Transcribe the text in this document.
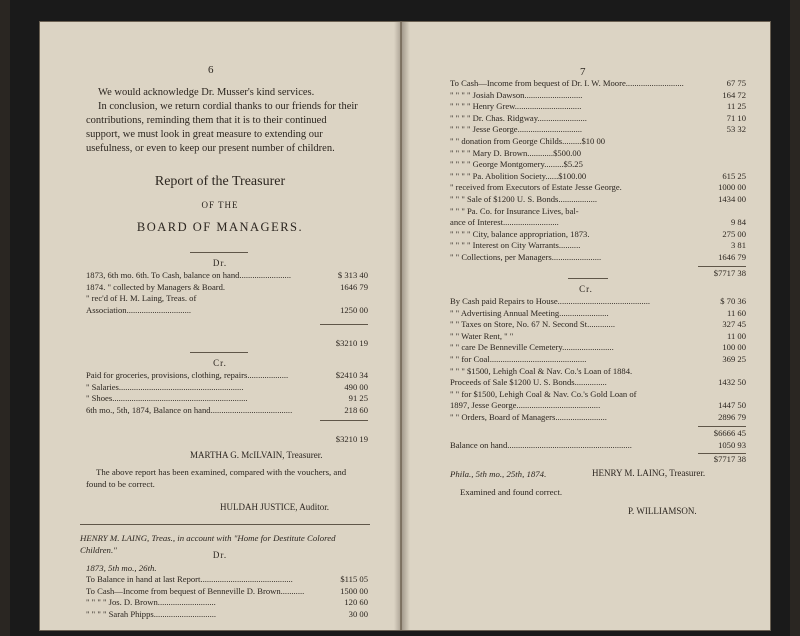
6
We would acknowledge Dr. Musser's kind services.
In conclusion, we return cordial thanks to our friends for their contributions, reminding them that it is to their continued support, we must look in great measure to extending our usefulness, or even to keep our present number of children.
Report of the Treasurer
OF THE
BOARD OF MANAGERS.
Dr.
1873, 6th mo. 6th. To Cash, balance on hand........................	$ 313 40
1874. " collected by Managers & Board.	1646 79
" rec'd of H. M. Laing, Treas. of
Association..............................	1250 00
$3210 19
Cr.
Paid for groceries, provisions, clothing, repairs...................	$2410 34
" Salaries..........................................................	490 00
" Shoes...............................................................	91 25
6th mo., 5th, 1874, Balance on hand......................................	218 60
$3210 19
MARTHA G. McILVAIN, Treasurer.
The above report has been examined, compared with the vouchers, and found to be correct.
HULDAH JUSTICE, Auditor.
HENRY M. LAING, Treas., in account with "Home for Destitute Colored Children."	Dr.
1873, 5th mo., 26th.
To Balance in hand at last Report...........................................	$115 05
To Cash—Income from bequest of Benneville D. Brown...........	1500 00
" " " " Jos. D. Brown...........................	120 60
" " " " Sarah Phipps.............................	30 00
7
To Cash—Income from bequest of Dr. I. W. Moore...........................	67 75
" " " " Josiah Dawson...........................	164 72
" " " " Henry Grew...............................	11 25
" " " " Dr. Chas. Ridgway.......................	71 10
" " " " Jesse George..............................	53 32
" " donation from George Childs.........$10 00
" " " " Mary D. Brown............$500.00
" " " " George Montgomery.........$5.25
" " " " Pa. Abolition Society......$100.00	615 25
" received from Executors of Estate Jesse George.	1000 00
" " " Sale of $1200 U. S. Bonds..................	1434 00
" " " Pa. Co. for Insurance Lives, bal-
ance of Interest..........................	9 84
" " " " City, balance appropriation, 1873.	275 00
" " " " Interest on City Warrants..........	3 81
" " Collections, per Managers.......................	1646 79
$7717 38
Cr.
By Cash paid Repairs to House...........................................	$ 70 36
" " Advertising Annual Meeting.......................	11 60
" " Taxes on Store, No. 67 N. Second St.............	327 45
" " Water Rent, " "	11 00
" " care De Benneville Cemetery........................	100 00
" " for Coal.............................................	369 25
" " " $1500, Lehigh Coal & Nav. Co.'s Loan of 1884.
Proceeds of Sale $1200 U. S. Bonds...............	1432 50
" " for $1500, Lehigh Coal & Nav. Co.'s Gold Loan of
1897, Jesse George.......................................	1447 50
" " Orders, Board of Managers........................	2896 79
$6666 45
Balance on hand..........................................................	1050 93
$7717 38
Phila., 5th mo., 25th, 1874.	HENRY M. LAING, Treasurer.
Examined and found correct.
P. WILLIAMSON.
